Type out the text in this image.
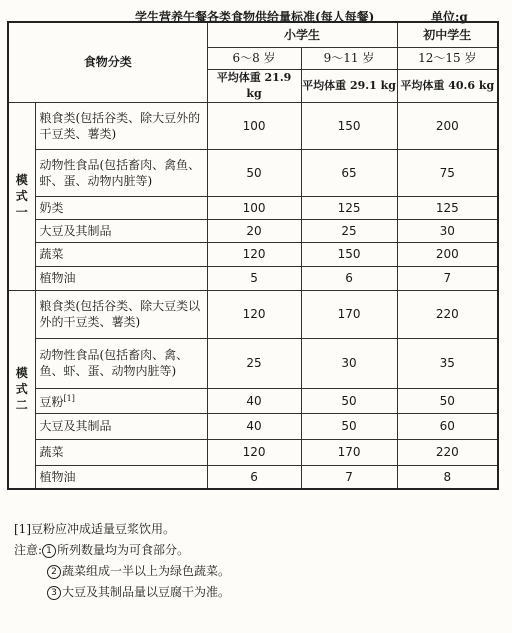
学生营养午餐各类食物供给量标准(每人每餐)	单位:g
食物分类		小学生		初中学生
		6～8 岁	9～11 岁	12～15 岁
		平均体重 21.9 kg	平均体重 29.1 kg	平均体重 40.6 kg
模
式
一	粮食类(包括谷类、除大豆外的干豆类、薯类)	100	150	200
	动物性食品(包括畜肉、禽鱼、虾、蛋、动物内脏等)	50	65	75
	奶类	100	125	125
	大豆及其制品	20	25	30
	蔬菜	120	150	200
	植物油	5	6	7
模
式
二	粮食类(包括谷类、除大豆类以外的干豆类、薯类)	120	170	220
	动物性食品(包括畜肉、禽、鱼、虾、蛋、动物内脏等)	25	30	35
	豆粉[1]	40	50	50
	大豆及其制品	40	50	60
	蔬菜	120	170	220
	植物油	6	7	8
[1]豆粉应冲成适量豆浆饮用。
注意: 1 所列数量均为可食部分。
2 蔬菜组成一半以上为绿色蔬菜。
3 大豆及其制品量以豆腐干为准。
